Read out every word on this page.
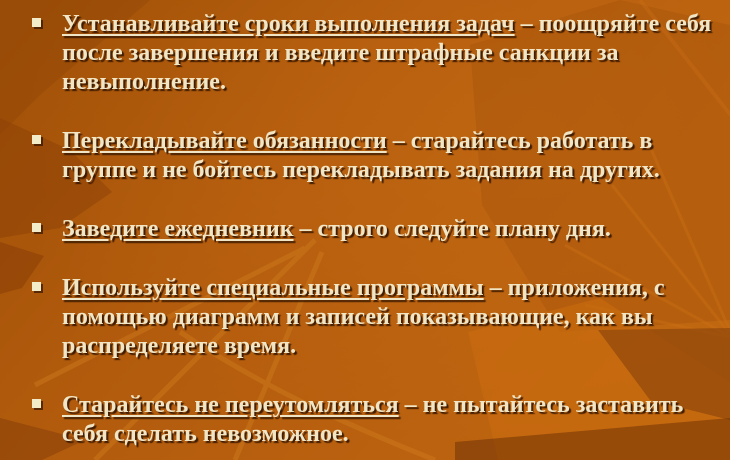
Устанавливайте сроки выполнения задач – поощряйте себя после завершения и введите штрафные санкции за невыполнение.
Перекладывайте обязанности – старайтесь работать в группе и не бойтесь перекладывать задания на других.
Заведите ежедневник – строго следуйте плану дня.
Используйте специальные программы – приложения, с помощью диаграмм и записей показывающие, как вы распределяете время.
Старайтесь не переутомляться – не пытайтесь заставить себя сделать невозможное.
